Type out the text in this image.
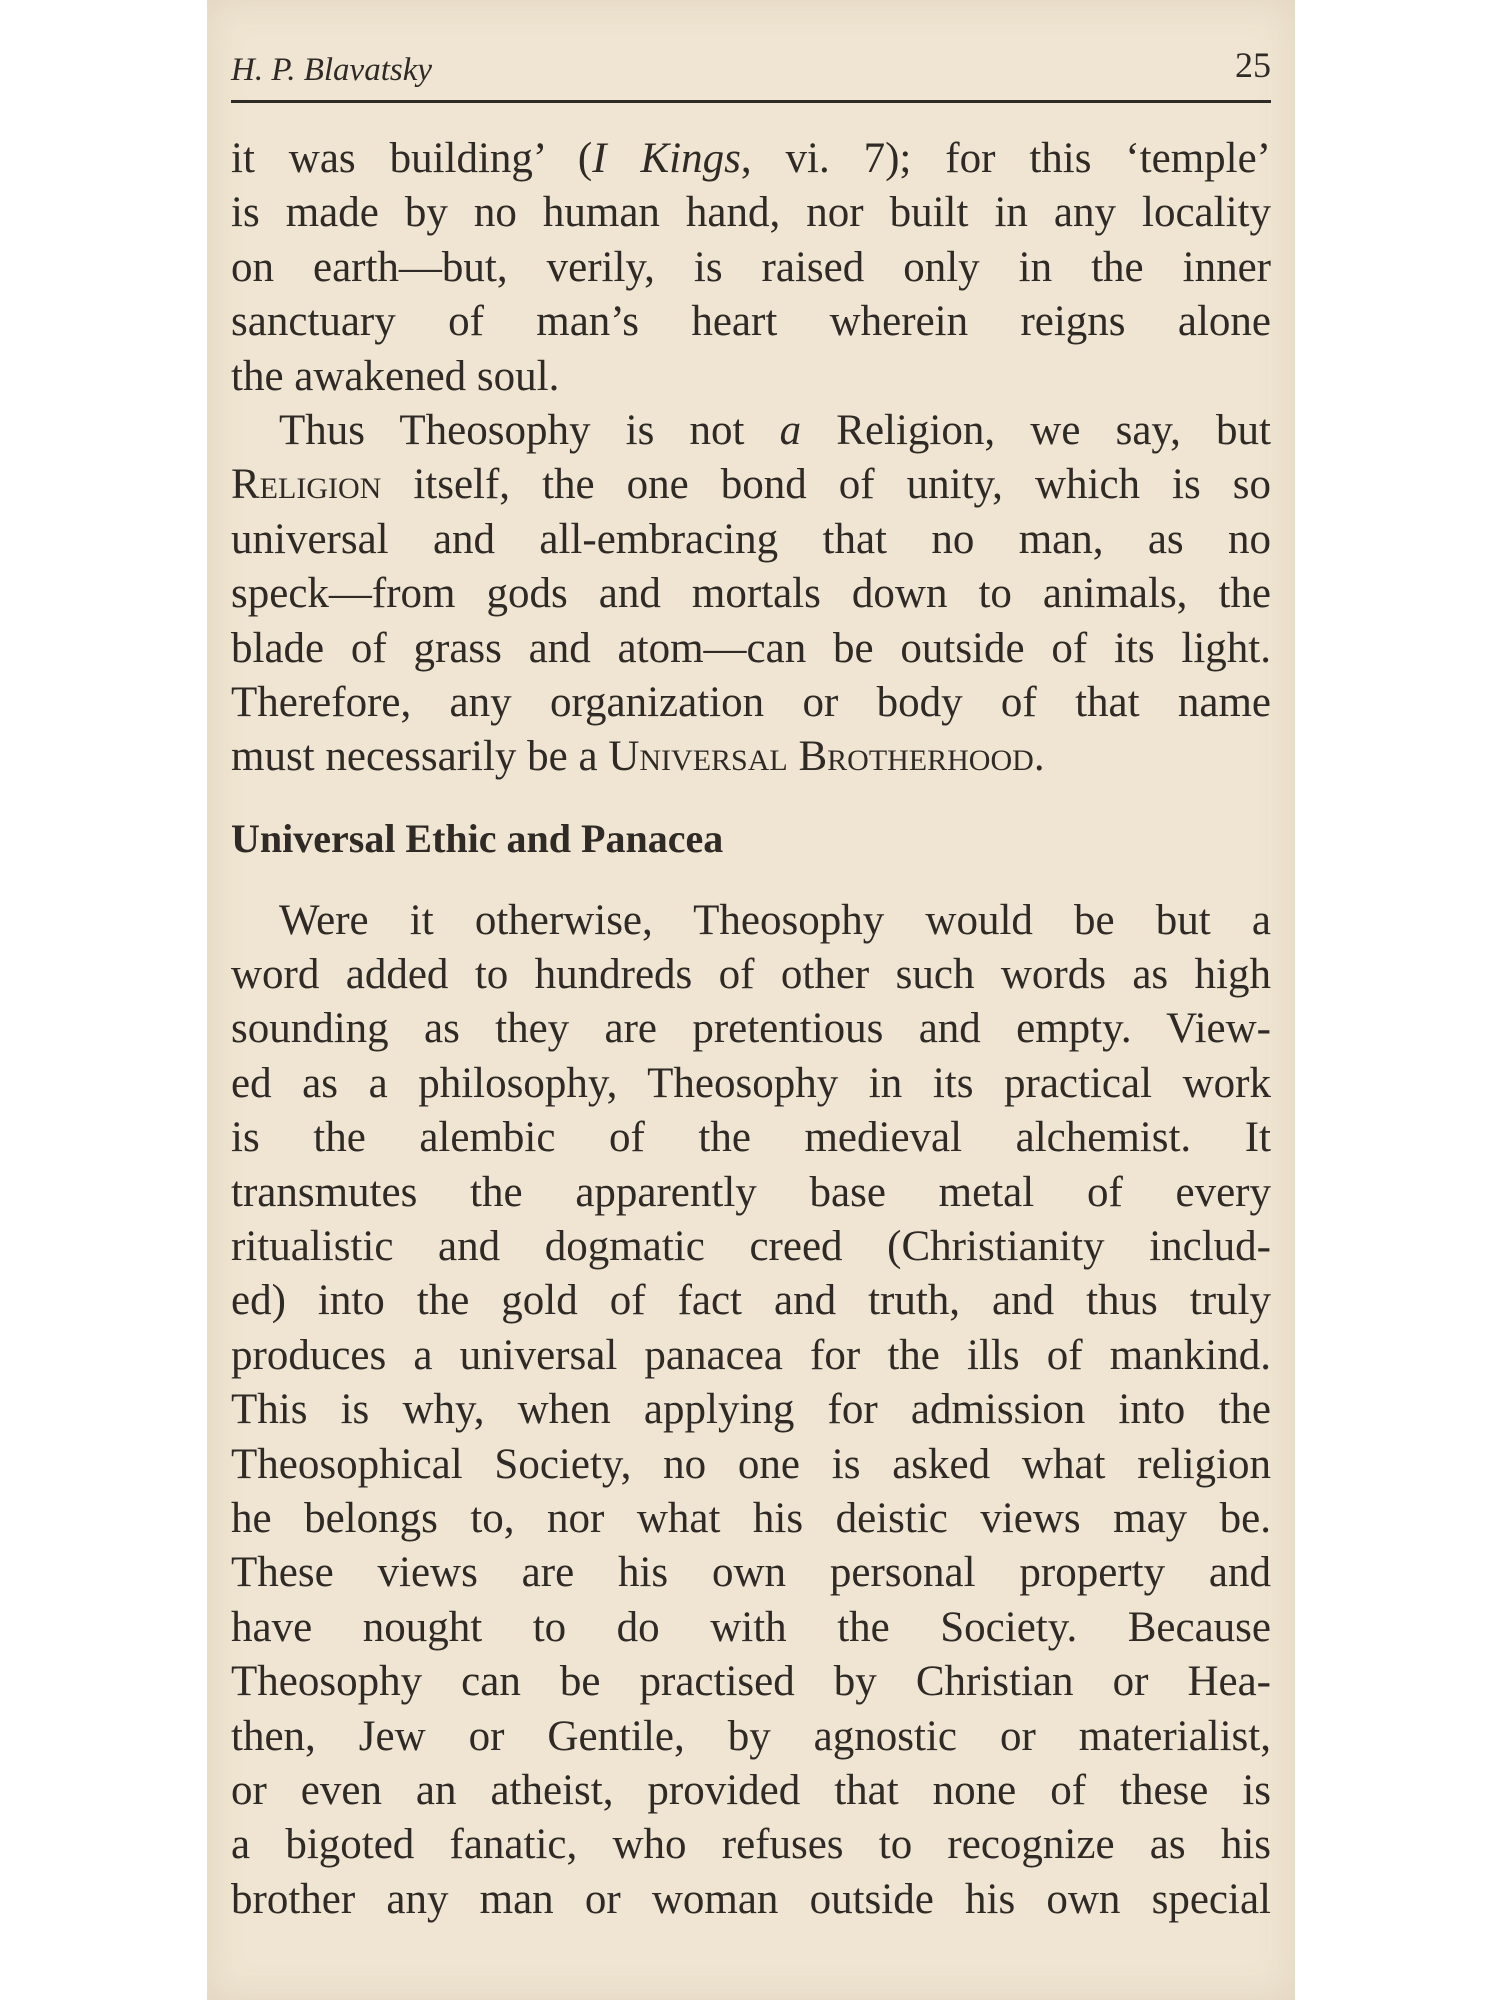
H. P. Blavatsky	25
it was building’ (I Kings, vi. 7); for this ‘temple’
is made by no human hand, nor built in any locality
on earth—but, verily, is raised only in the inner
sanctuary of man’s heart wherein reigns alone
the awakened soul.
Thus Theosophy is not a Religion, we say, but
Religion itself, the one bond of unity, which is so
universal and all-embracing that no man, as no
speck—from gods and mortals down to animals, the
blade of grass and atom—can be outside of its light.
Therefore, any organization or body of that name
must necessarily be a Universal Brotherhood.
Universal Ethic and Panacea
Were it otherwise, Theosophy would be but a
word added to hundreds of other such words as high
sounding as they are pretentious and empty. View-
ed as a philosophy, Theosophy in its practical work
is the alembic of the medieval alchemist. It
transmutes the apparently base metal of every
ritualistic and dogmatic creed (Christianity includ-
ed) into the gold of fact and truth, and thus truly
produces a universal panacea for the ills of mankind.
This is why, when applying for admission into the
Theosophical Society, no one is asked what religion
he belongs to, nor what his deistic views may be.
These views are his own personal property and
have nought to do with the Society. Because
Theosophy can be practised by Christian or Hea-
then, Jew or Gentile, by agnostic or materialist,
or even an atheist, provided that none of these is
a bigoted fanatic, who refuses to recognize as his
brother any man or woman outside his own special
